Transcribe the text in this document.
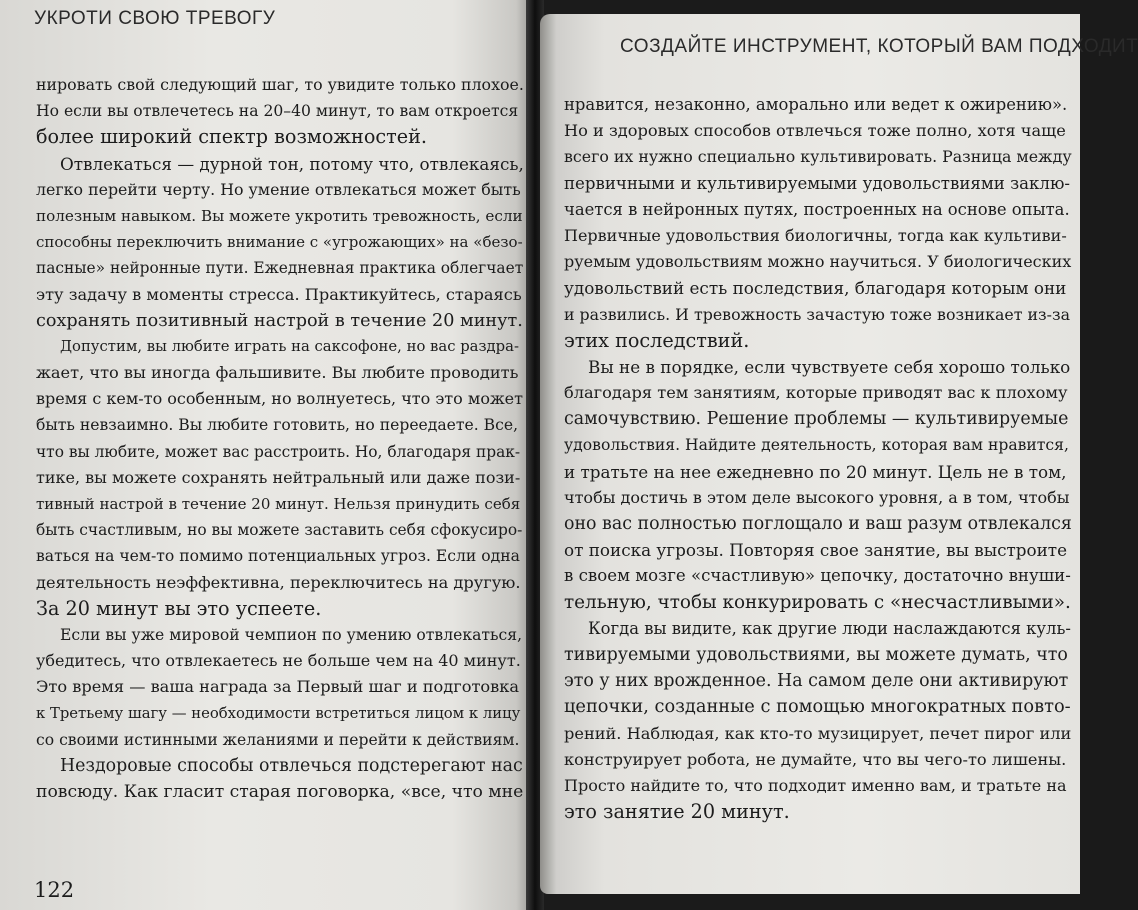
УКРОТИ СВОЮ ТРЕВОГУ
нировать свой следующий шаг, то увидите только плохое.
Но если вы отвлечетесь на 20–40 минут, то вам откроется
более широкий спектр возможностей.
Отвлекаться — дурной тон, потому что, отвлекаясь,
легко перейти черту. Но умение отвлекаться может быть
полезным навыком. Вы можете укротить тревожность, если
способны переключить внимание с «угрожающих» на «безо-
пасные» нейронные пути. Ежедневная практика облегчает
эту задачу в моменты стресса. Практикуйтесь, стараясь
сохранять позитивный настрой в течение 20 минут.
Допустим, вы любите играть на саксофоне, но вас раздра-
жает, что вы иногда фальшивите. Вы любите проводить
время с кем-то особенным, но волнуетесь, что это может
быть невзаимно. Вы любите готовить, но переедаете. Все,
что вы любите, может вас расстроить. Но, благодаря прак-
тике, вы можете сохранять нейтральный или даже пози-
тивный настрой в течение 20 минут. Нельзя принудить себя
быть счастливым, но вы можете заставить себя сфокусиро-
ваться на чем-то помимо потенциальных угроз. Если одна
деятельность неэффективна, переключитесь на другую.
За 20 минут вы это успеете.
Если вы уже мировой чемпион по умению отвлекаться,
убедитесь, что отвлекаетесь не больше чем на 40 минут.
Это время — ваша награда за Первый шаг и подготовка
к Третьему шагу — необходимости встретиться лицом к лицу
со своими истинными желаниями и перейти к действиям.
Нездоровые способы отвлечься подстерегают нас
повсюду. Как гласит старая поговорка, «все, что мне
122
СОЗДАЙТЕ ИНСТРУМЕНТ, КОТОРЫЙ ВАМ ПОДХОДИТ
нравится, незаконно, аморально или ведет к ожирению».
Но и здоровых способов отвлечься тоже полно, хотя чаще
всего их нужно специально культивировать. Разница между
первичными и культивируемыми удовольствиями заклю-
чается в нейронных путях, построенных на основе опыта.
Первичные удовольствия биологичны, тогда как культиви-
руемым удовольствиям можно научиться. У биологических
удовольствий есть последствия, благодаря которым они
и развились. И тревожность зачастую тоже возникает из-за
этих последствий.
Вы не в порядке, если чувствуете себя хорошо только
благодаря тем занятиям, которые приводят вас к плохому
самочувствию. Решение проблемы — культивируемые
удовольствия. Найдите деятельность, которая вам нравится,
и тратьте на нее ежедневно по 20 минут. Цель не в том,
чтобы достичь в этом деле высокого уровня, а в том, чтобы
оно вас полностью поглощало и ваш разум отвлекался
от поиска угрозы. Повторяя свое занятие, вы выстроите
в своем мозге «счастливую» цепочку, достаточно внуши-
тельную, чтобы конкурировать с «несчастливыми».
Когда вы видите, как другие люди наслаждаются куль-
тивируемыми удовольствиями, вы можете думать, что
это у них врожденное. На самом деле они активируют
цепочки, созданные с помощью многократных повто-
рений. Наблюдая, как кто-то музицирует, печет пирог или
конструирует робота, не думайте, что вы чего-то лишены.
Просто найдите то, что подходит именно вам, и тратьте на
это занятие 20 минут.
